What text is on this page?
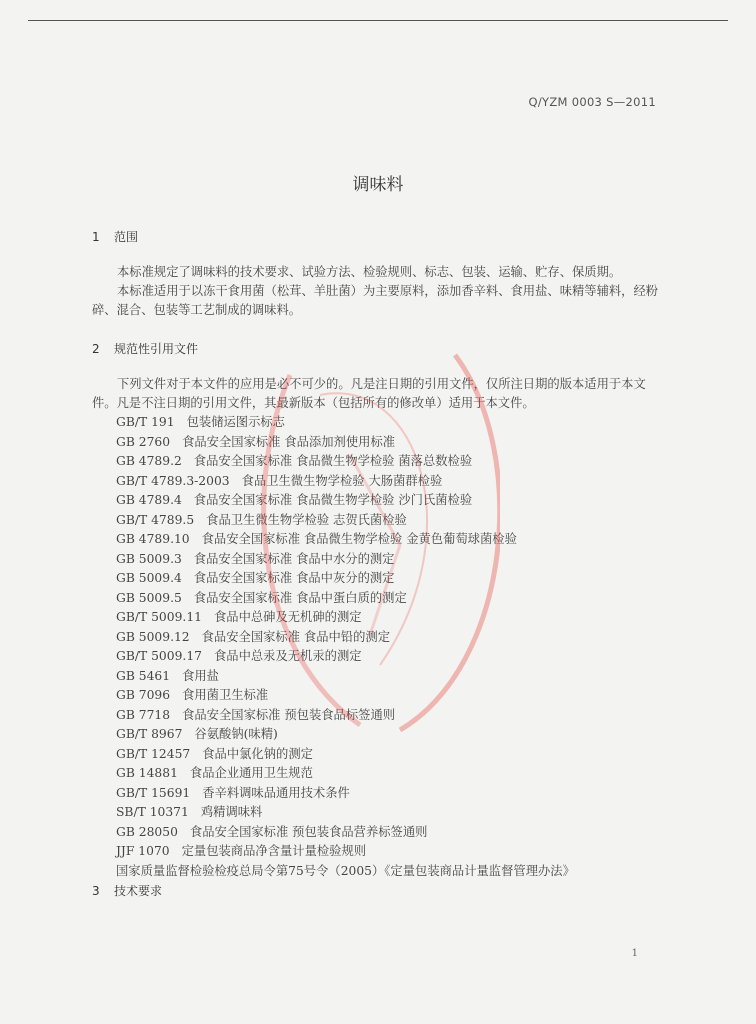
Q/YZM 0003 S—2011
调味料
1 范围
本标准规定了调味料的技术要求、试验方法、检验规则、标志、包装、运输、贮存、保质期。
本标准适用于以冻干食用菌（松茸、羊肚菌）为主要原料，添加香辛料、食用盐、味精等辅料，经粉碎、混合、包装等工艺制成的调味料。
2 规范性引用文件
下列文件对于本文件的应用是必不可少的。凡是注日期的引用文件，仅所注日期的版本适用于本文件。凡是不注日期的引用文件，其最新版本（包括所有的修改单）适用于本文件。
GB/T 191 包装储运图示标志
GB 2760 食品安全国家标准 食品添加剂使用标准
GB 4789.2 食品安全国家标准 食品微生物学检验 菌落总数检验
GB/T 4789.3-2003 食品卫生微生物学检验 大肠菌群检验
GB 4789.4 食品安全国家标准 食品微生物学检验 沙门氏菌检验
GB/T 4789.5 食品卫生微生物学检验 志贺氏菌检验
GB 4789.10 食品安全国家标准 食品微生物学检验 金黄色葡萄球菌检验
GB 5009.3 食品安全国家标准 食品中水分的测定
GB 5009.4 食品安全国家标准 食品中灰分的测定
GB 5009.5 食品安全国家标准 食品中蛋白质的测定
GB/T 5009.11 食品中总砷及无机砷的测定
GB 5009.12 食品安全国家标准 食品中铅的测定
GB/T 5009.17 食品中总汞及无机汞的测定
GB 5461 食用盐
GB 7096 食用菌卫生标准
GB 7718 食品安全国家标准 预包装食品标签通则
GB/T 8967 谷氨酸钠(味精)
GB/T 12457 食品中氯化钠的测定
GB 14881 食品企业通用卫生规范
GB/T 15691 香辛料调味品通用技术条件
SB/T 10371 鸡精调味料
GB 28050 食品安全国家标准 预包装食品营养标签通则
JJF 1070 定量包装商品净含量计量检验规则
国家质量监督检验检疫总局令第75号令（2005）《定量包装商品计量监督管理办法》
3 技术要求
1
